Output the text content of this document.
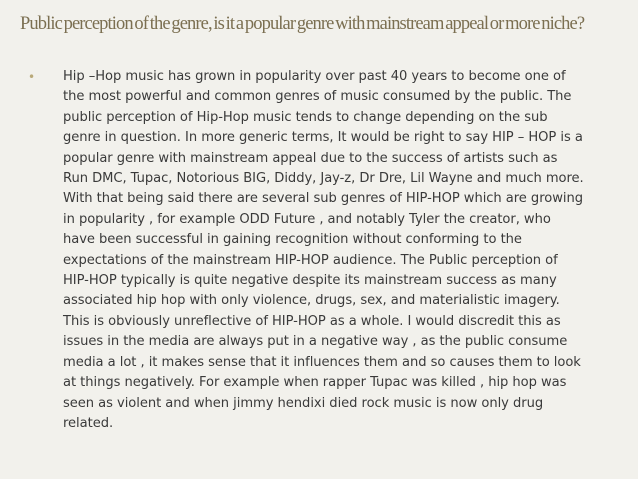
Public perception of the genre, is it a popular genre with mainstream appeal or more niche?
• Hip –Hop music has grown in popularity over past 40 years to become one of the most powerful and common genres of music consumed by the public. The public perception of Hip-Hop music tends to change depending on the sub genre in question. In more generic terms, It would be right to say HIP – HOP is a popular genre with mainstream appeal due to the success of artists such as Run DMC, Tupac, Notorious BIG, Diddy, Jay-z, Dr Dre, Lil Wayne and much more. With that being said there are several sub genres of HIP-HOP which are growing in popularity , for example ODD Future , and notably Tyler the creator, who have been successful in gaining recognition without conforming to the expectations of the mainstream HIP-HOP audience. The Public perception of HIP-HOP typically is quite negative despite its mainstream success as many associated hip hop with only violence, drugs, sex, and materialistic imagery. This is obviously unreflective of HIP-HOP as a whole. I would discredit this as issues in the media are always put in a negative way , as the public consume media a lot , it makes sense that it influences them and so causes them to look at things negatively. For example when rapper Tupac was killed , hip hop was seen as violent and when jimmy hendixi died rock music is now only drug related.
